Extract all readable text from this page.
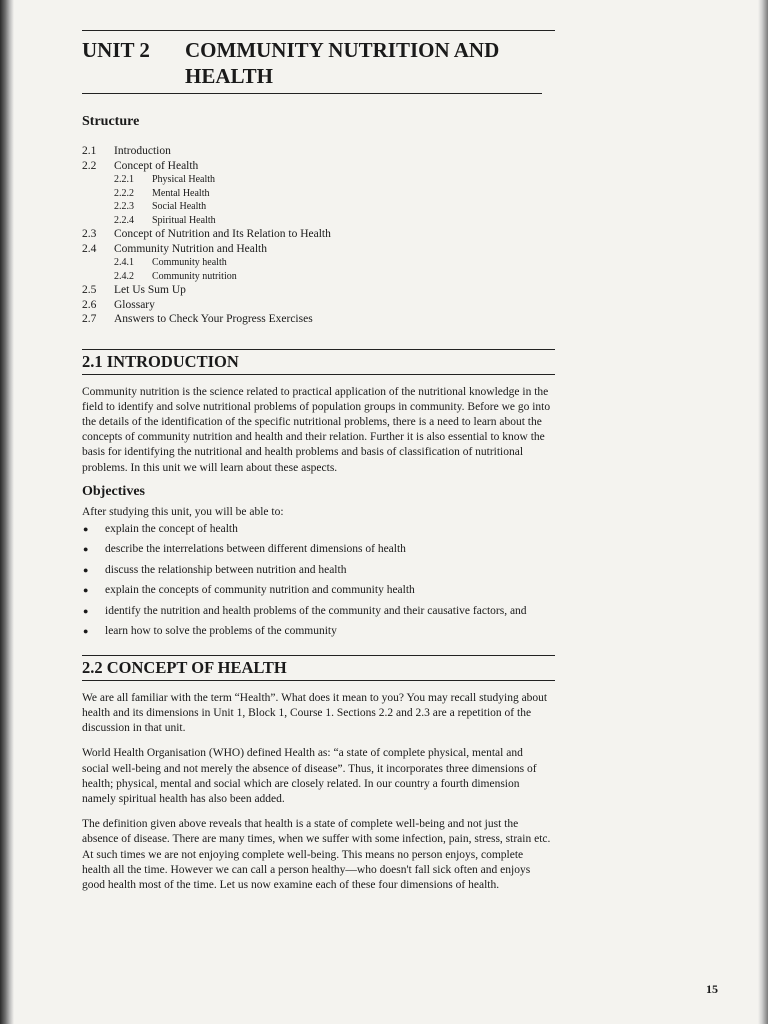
UNIT 2	COMMUNITY NUTRITION AND
HEALTH
Structure
2.1	Introduction
2.2	Concept of Health
2.2.1	Physical Health
2.2.2	Mental Health
2.2.3	Social Health
2.2.4	Spiritual Health
2.3	Concept of Nutrition and Its Relation to Health
2.4	Community Nutrition and Health
2.4.1	Community health
2.4.2	Community nutrition
2.5	Let Us Sum Up
2.6	Glossary
2.7	Answers to Check Your Progress Exercises
2.1 INTRODUCTION

Community nutrition is the science related to practical application of the nutritional knowledge in the field to identify and solve nutritional problems of population groups in community. Before we go into the details of the identification of the specific nutritional problems, there is a need to learn about the concepts of community nutrition and health and their relation. Further it is also essential to know the basis for identifying the nutritional and health problems and basis of classification of nutritional problems. In this unit we will learn about these aspects.

Objectives
After studying this unit, you will be able to:
● explain the concept of health
● describe the interrelations between different dimensions of health
● discuss the relationship between nutrition and health
● explain the concepts of community nutrition and community health
● identify the nutrition and health problems of the community and their causative factors, and
● learn how to solve the problems of the community
2.2 CONCEPT OF HEALTH

We are all familiar with the term “Health”. What does it mean to you? You may recall studying about health and its dimensions in Unit 1, Block 1, Course 1. Sections 2.2 and 2.3 are a repetition of the discussion in that unit.

World Health Organisation (WHO) defined Health as: “a state of complete physical, mental and social well-being and not merely the absence of disease”. Thus, it incorporates three dimensions of health; physical, mental and social which are closely related. In our country a fourth dimension namely spiritual health has also been added.

The definition given above reveals that health is a state of complete well-being and not just the absence of disease. There are many times, when we suffer with some infection, pain, stress, strain etc. At such times we are not enjoying complete well-being. This means no person enjoys, complete health all the time. However we can call a person healthy—who doesn't fall sick often and enjoys good health most of the time. Let us now examine each of these four dimensions of health.

15
